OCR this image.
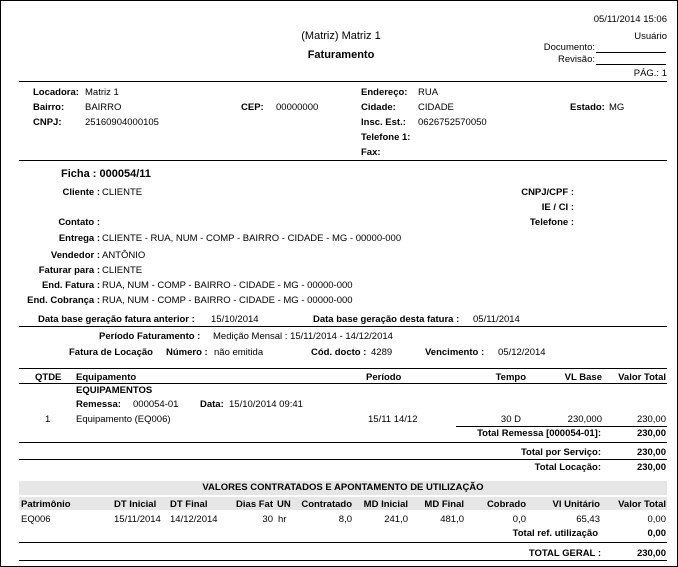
05/11/2014 15:06
Usuário
(Matriz) Matriz 1
Faturamento
Documento:
Revisão:
PÁG.: 1
Locadora: Matriz 1
Bairro: BAIRRO	CEP: 00000000
CNPJ: 25160904000105
Endereço: RUA
Cidade: CIDADE	Estado: MG
Insc. Est.: 0626752570050
Telefone 1:
Fax:
Ficha : 000054/11
Cliente : CLIENTE	CNPJ/CPF :
IE / CI :
Contato :	Telefone :
Entrega : CLIENTE - RUA, NUM - COMP - BAIRRO - CIDADE - MG - 00000-000
Vendedor : ANTÔNIO
Faturar para : CLIENTE
End. Fatura : RUA, NUM - COMP - BAIRRO - CIDADE - MG - 00000-000
End. Cobrança : RUA, NUM - COMP - BAIRRO - CIDADE - MG - 00000-000
Data base geração fatura anterior : 15/10/2014	Data base geração desta fatura : 05/11/2014
Período Faturamento : Medição Mensal : 15/11/2014 - 14/12/2014
Fatura de Locação Número : não emitida	Cód. docto : 4289	Vencimento : 05/12/2014
QTDE Equipamento	Período	Tempo	VL Base	Valor Total
EQUIPAMENTOS
Remessa: 000054-01 Data: 15/10/2014 09:41
1	Equipamento (EQ006)	15/11 14/12	30 D	230,000	230,00
Total Remessa [000054-01]:	230,00
Total por Serviço:	230,00
Total Locação:	230,00
VALORES CONTRATADOS E APONTAMENTO DE UTILIZAÇÃO
Patrimônio	DT Inicial DT Final	Dias Fat UN	Contratado	MD Inicial	MD Final	Cobrado	Vl Unitário	Valor Total
EQ006	15/11/2014 14/12/2014	30 hr	8,0	241,0	481,0	0,0	65,43	0,00
Total ref. utilização	0,00
TOTAL GERAL :	230,00
